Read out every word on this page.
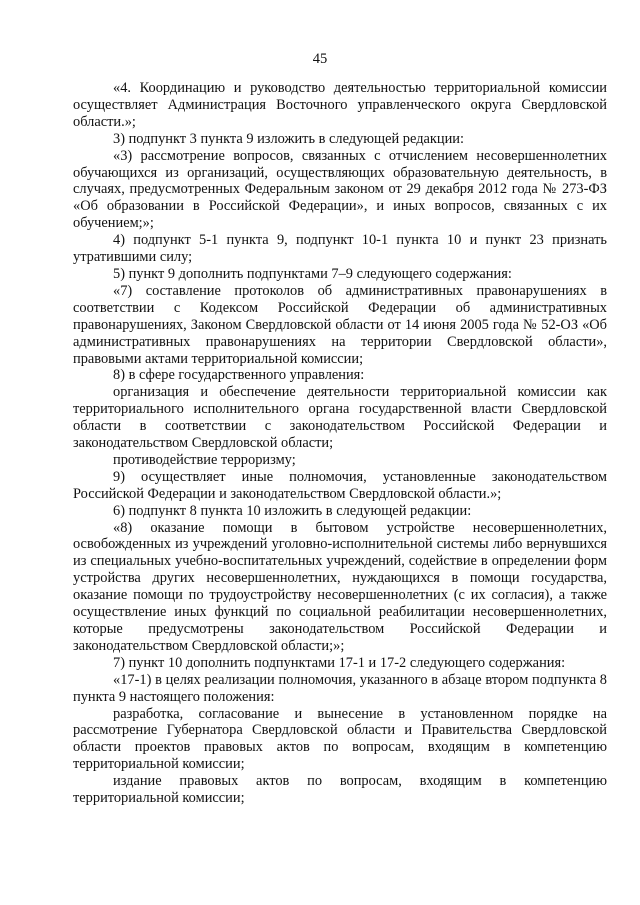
45

«4. Координацию и руководство деятельностью территориальной комиссии осуществляет Администрация Восточного управленческого округа Свердловской области.»;

3) подпункт 3 пункта 9 изложить в следующей редакции:

«3) рассмотрение вопросов, связанных с отчислением несовершеннолетних обучающихся из организаций, осуществляющих образовательную деятельность, в случаях, предусмотренных Федеральным законом от 29 декабря 2012 года № 273-ФЗ «Об образовании в Российской Федерации», и иных вопросов, связанных с их обучением;»;

4) подпункт 5-1 пункта 9, подпункт 10-1 пункта 10 и пункт 23 признать утратившими силу;

5) пункт 9 дополнить подпунктами 7–9 следующего содержания:

«7) составление протоколов об административных правонарушениях в соответствии с Кодексом Российской Федерации об административных правонарушениях, Законом Свердловской области от 14 июня 2005 года № 52-ОЗ «Об административных правонарушениях на территории Свердловской области», правовыми актами территориальной комиссии;

8) в сфере государственного управления:

организация и обеспечение деятельности территориальной комиссии как территориального исполнительного органа государственной власти Свердловской области в соответствии с законодательством Российской Федерации и законодательством Свердловской области;

противодействие терроризму;

9) осуществляет иные полномочия, установленные законодательством Российской Федерации и законодательством Свердловской области.»;

6) подпункт 8 пункта 10 изложить в следующей редакции:

«8) оказание помощи в бытовом устройстве несовершеннолетних, освобожденных из учреждений уголовно-исполнительной системы либо вернувшихся из специальных учебно-воспитательных учреждений, содействие в определении форм устройства других несовершеннолетних, нуждающихся в помощи государства, оказание помощи по трудоустройству несовершеннолетних (с их согласия), а также осуществление иных функций по социальной реабилитации несовершеннолетних, которые предусмотрены законодательством Российской Федерации и законодательством Свердловской области;»;

7) пункт 10 дополнить подпунктами 17-1 и 17-2 следующего содержания:

«17-1) в целях реализации полномочия, указанного в абзаце втором подпункта 8 пункта 9 настоящего положения:

разработка, согласование и вынесение в установленном порядке на рассмотрение Губернатора Свердловской области и Правительства Свердловской области проектов правовых актов по вопросам, входящим в компетенцию территориальной комиссии;

издание правовых актов по вопросам, входящим в компетенцию территориальной комиссии;
